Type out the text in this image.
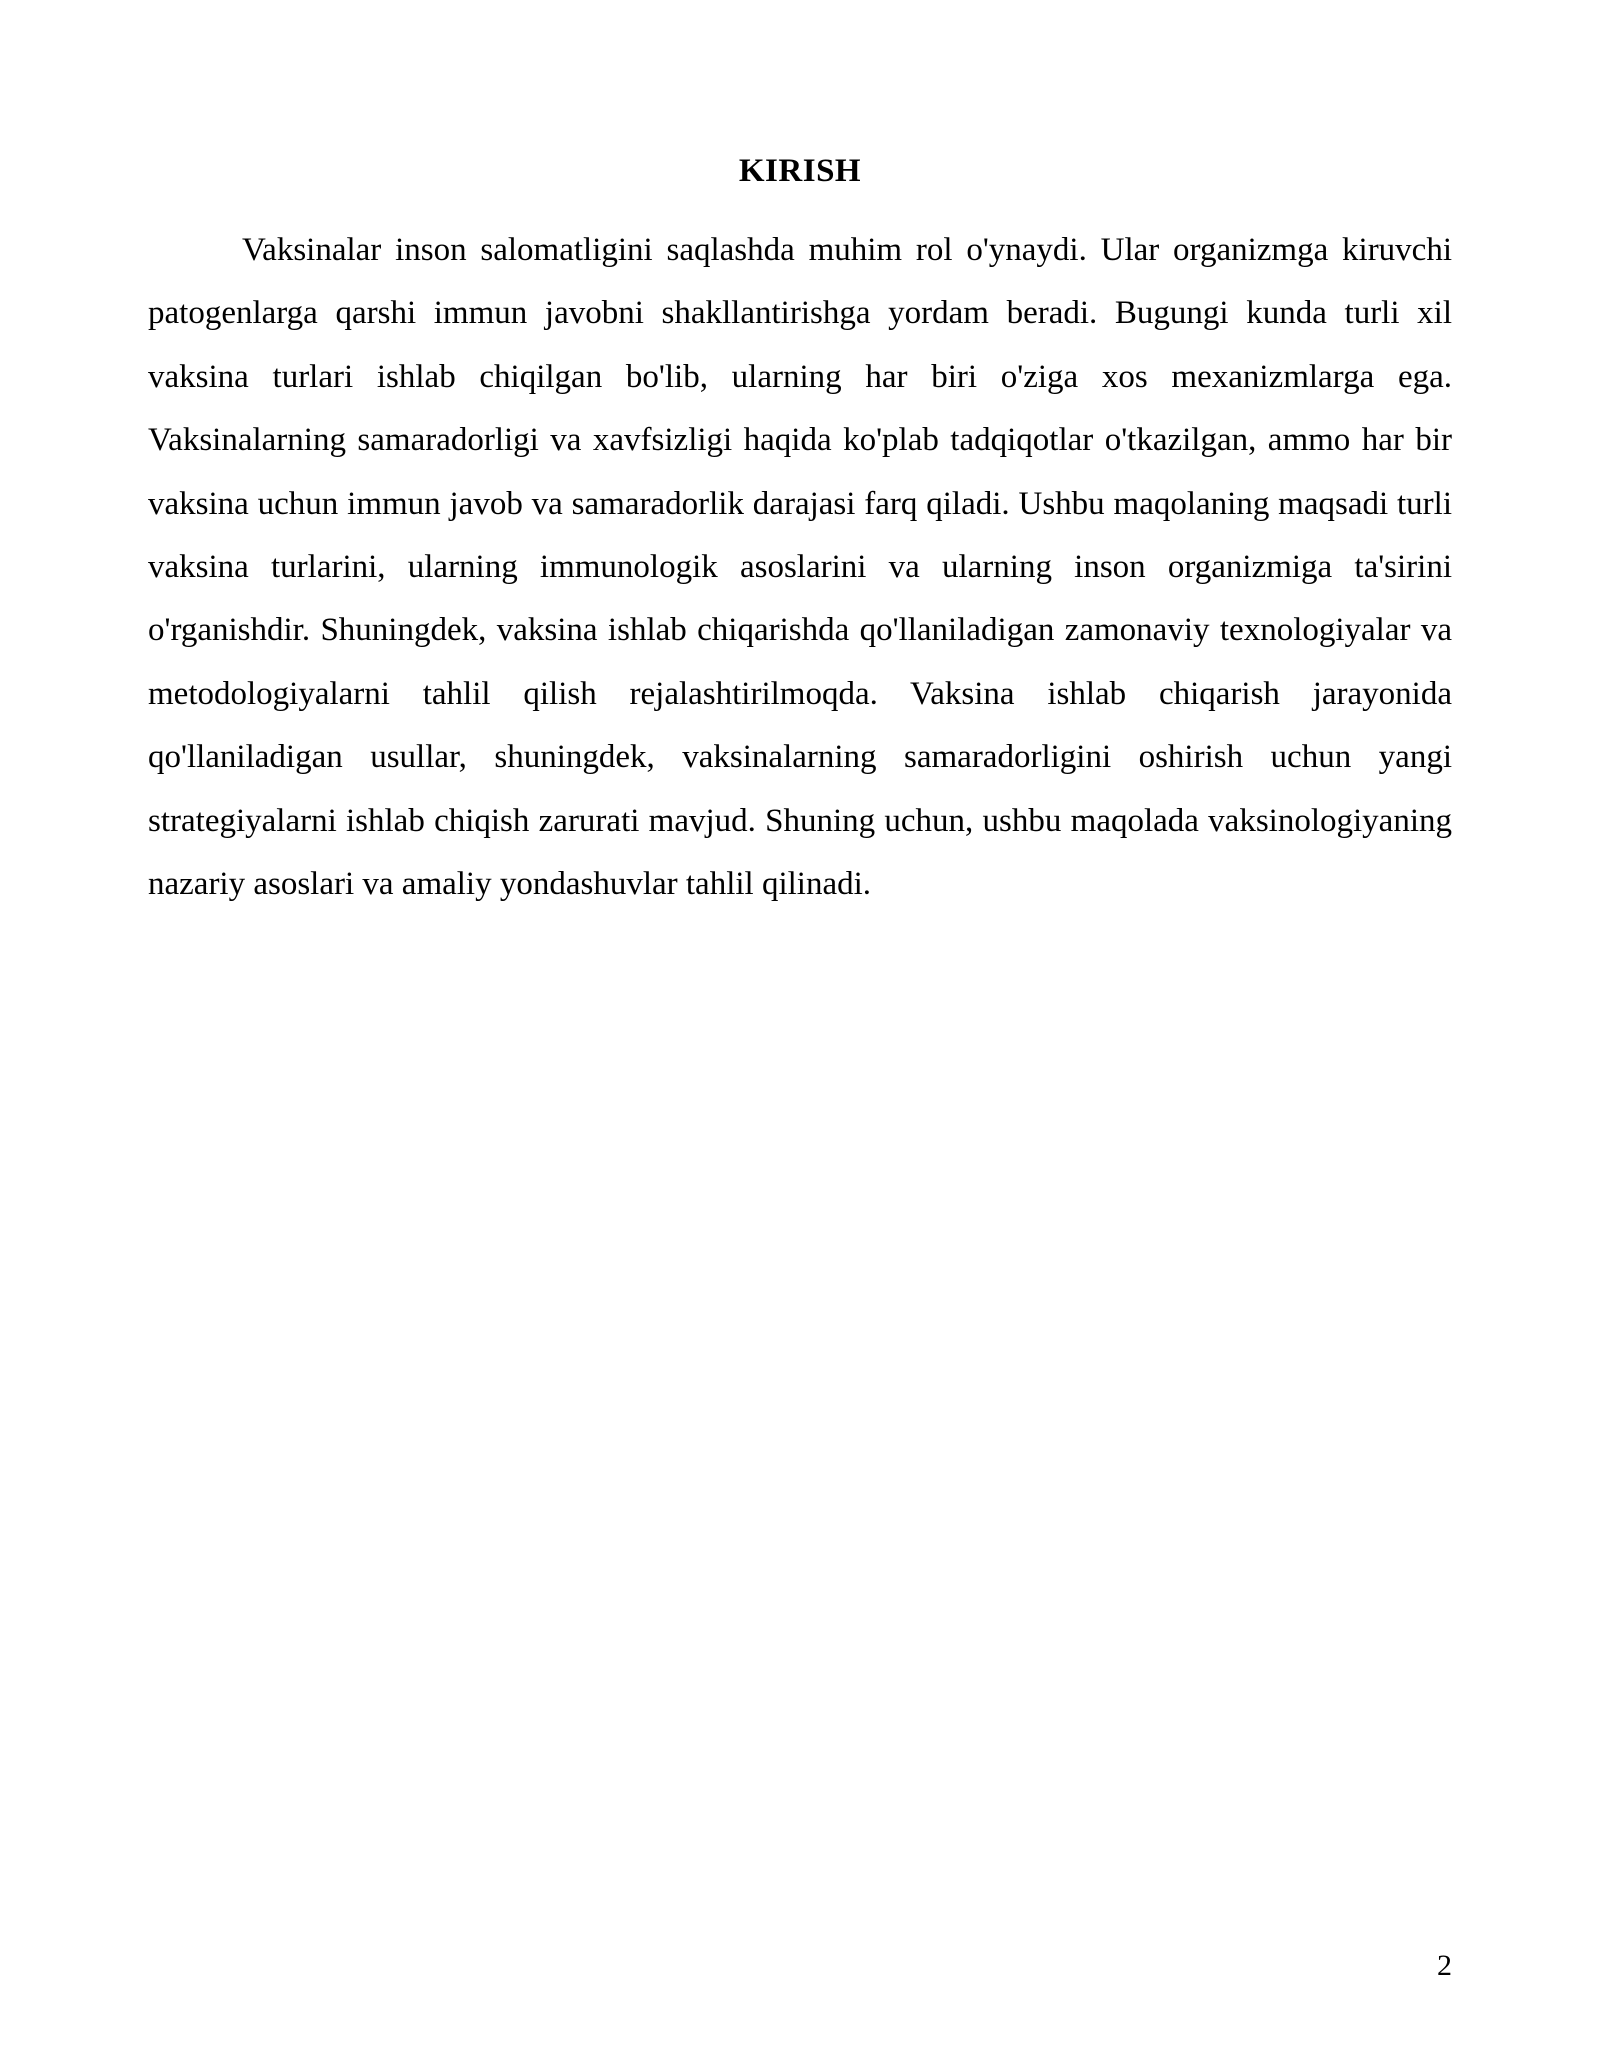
KIRISH

Vaksinalar inson salomatligini saqlashda muhim rol o'ynaydi. Ular organizmga kiruvchi patogenlarga qarshi immun javobni shakllantirishga yordam beradi. Bugungi kunda turli xil vaksina turlari ishlab chiqilgan bo'lib, ularning har biri o'ziga xos mexanizmlarga ega. Vaksinalarning samaradorligi va xavfsizligi haqida ko'plab tadqiqotlar o'tkazilgan, ammo har bir vaksina uchun immun javob va samaradorlik darajasi farq qiladi. Ushbu maqolaning maqsadi turli vaksina turlarini, ularning immunologik asoslarini va ularning inson organizmiga ta'sirini o'rganishdir. Shuningdek, vaksina ishlab chiqarishda qo'llaniladigan zamonaviy texnologiyalar va metodologiyalarni tahlil qilish rejalashtirilmoqda. Vaksina ishlab chiqarish jarayonida qo'llaniladigan usullar, shuningdek, vaksinalarning samaradorligini oshirish uchun yangi strategiyalarni ishlab chiqish zarurati mavjud. Shuning uchun, ushbu maqolada vaksinologiyaning nazariy asoslari va amaliy yondashuvlar tahlil qilinadi.

2
